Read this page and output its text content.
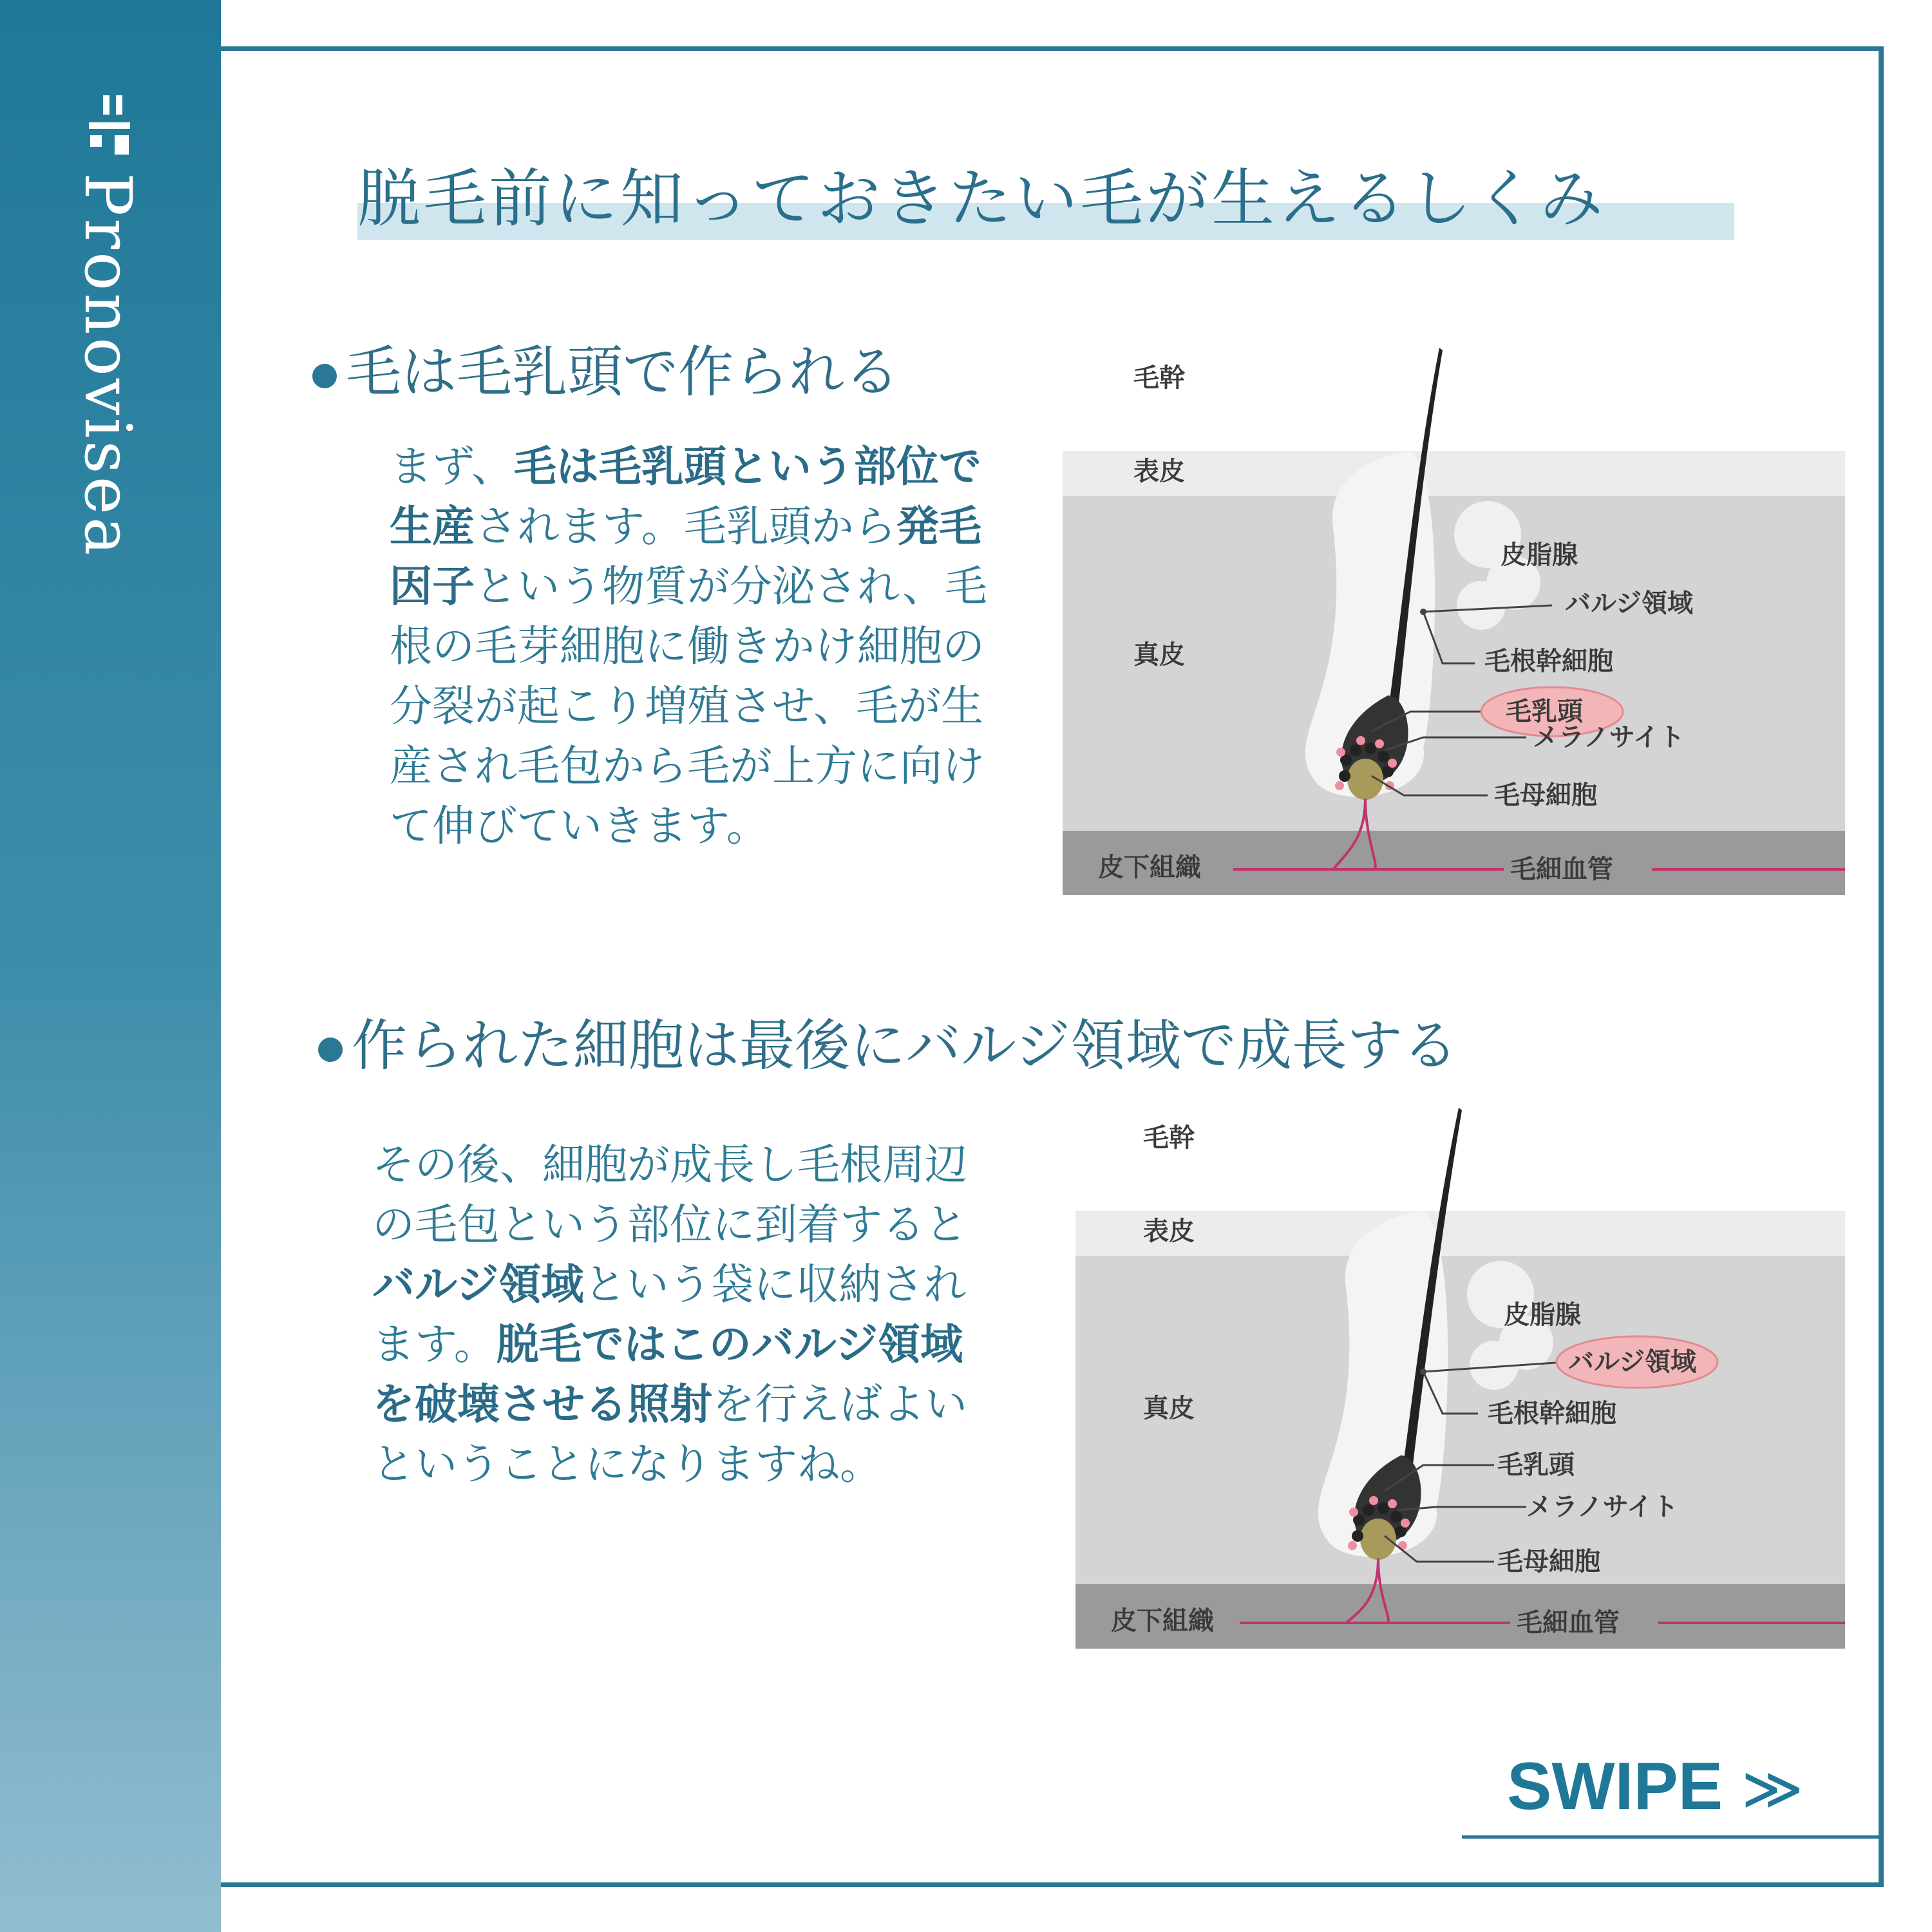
Pronovisea	脱毛前に知っておきたい毛が生えるしくみ
毛は毛乳頭で作られる
まず、毛は毛乳頭という部位で生産されます。毛乳頭から発毛因子という物質が分泌され、毛根の毛芽細胞に働きかけ細胞の分裂が起こり増殖させ、毛が生産され毛包から毛が上方に向けて伸びていきます。
作られた細胞は最後にバルジ領域で成長する
その後、細胞が成長し毛根周辺の毛包という部位に到着するとバルジ領域という袋に収納されます。脱毛ではこのバルジ領域を破壊させる照射を行えばよいということになりますね。
毛幹
表皮
真皮
皮下組織
皮脂腺
バルジ領域
毛根幹細胞
毛乳頭
メラノサイト
毛母細胞
毛細血管
毛幹
表皮
真皮
皮下組織
皮脂腺
バルジ領域
毛根幹細胞
毛乳頭
メラノサイト
毛母細胞
毛細血管
SWIPE ≫
